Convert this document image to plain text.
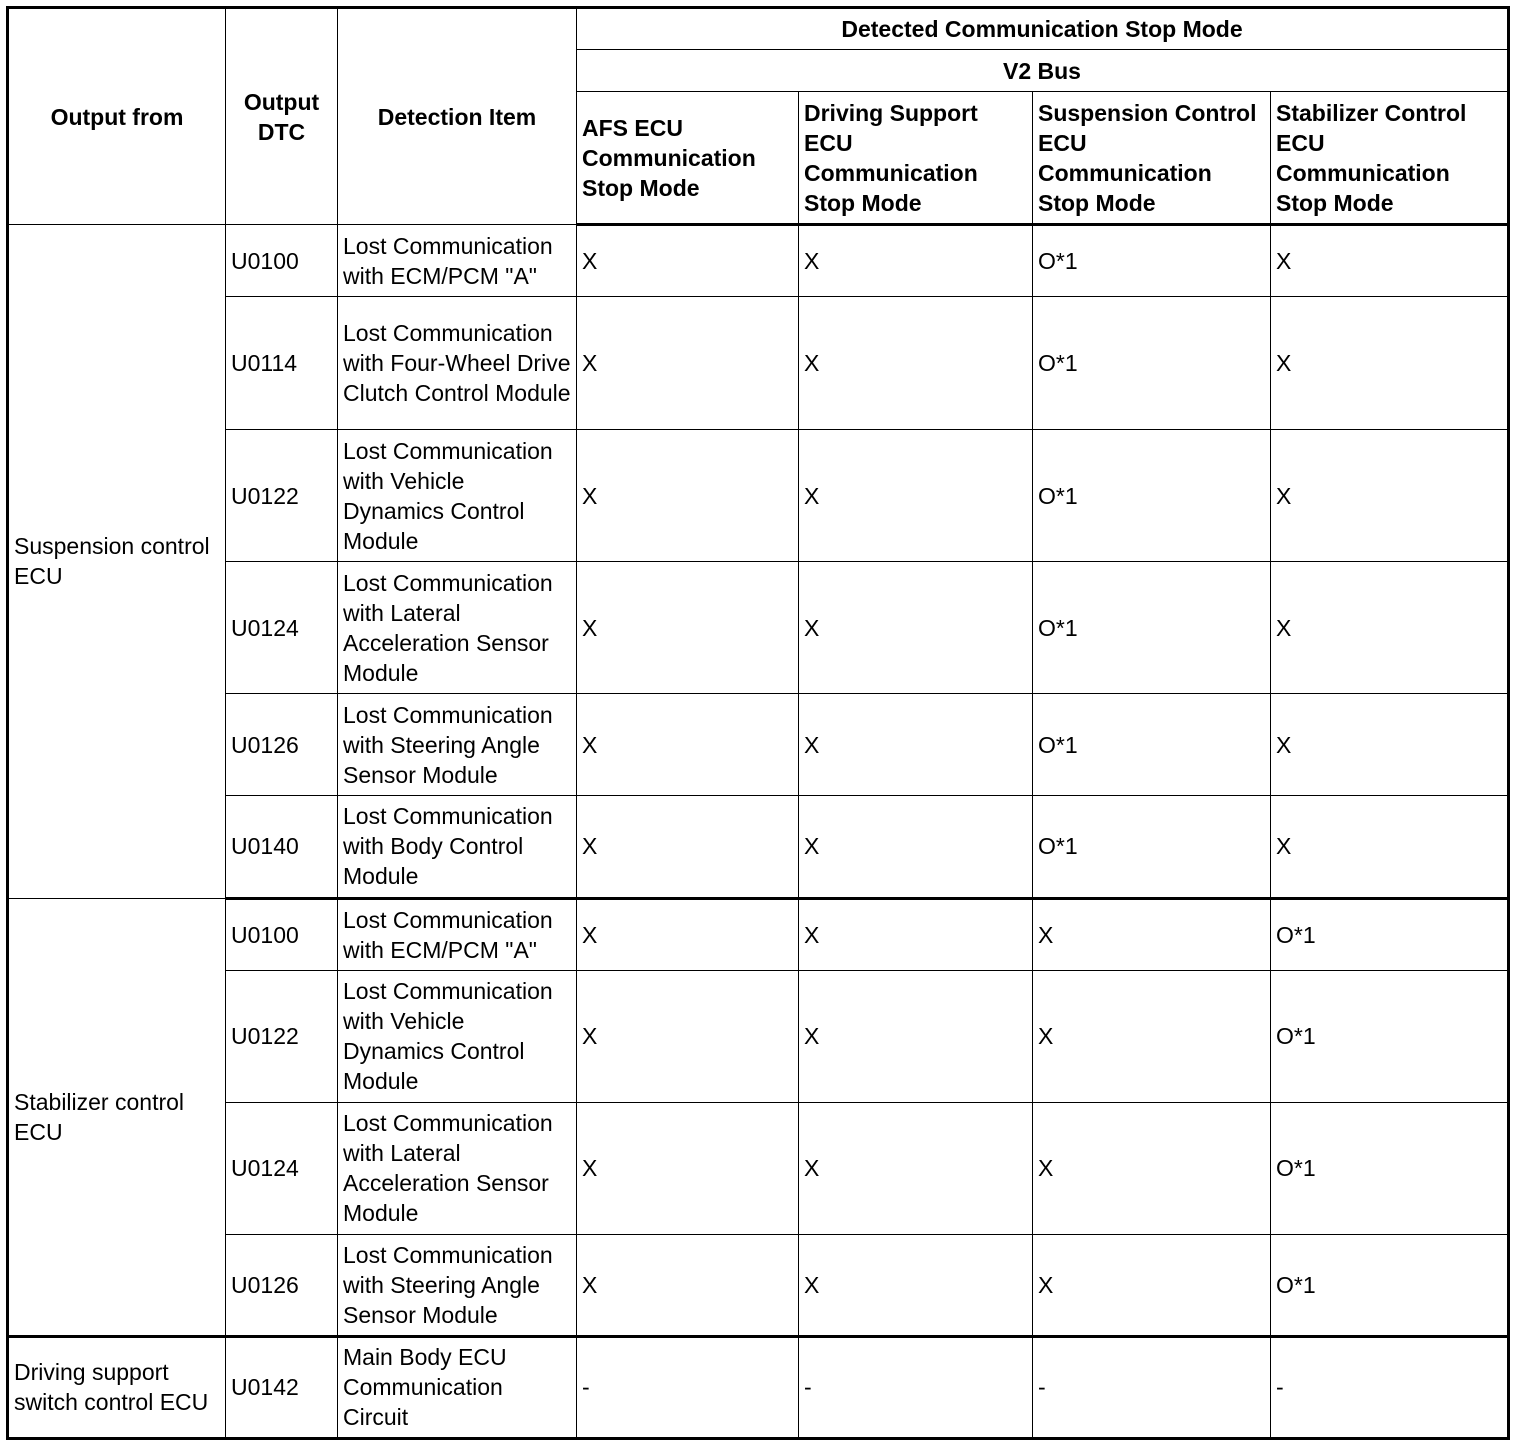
Output from	Output DTC	Detection Item	Detected Communication Stop Mode			
			V2 Bus			
			AFS ECU Communication Stop Mode	Driving Support ECU Communication Stop Mode	Suspension Control ECU Communication Stop Mode	Stabilizer Control ECU Communication Stop Mode
Suspension control ECU	U0100	Lost Communication with ECM/PCM "A"	X	X	O*1	X
	U0114	Lost Communication with Four-Wheel Drive Clutch Control Module	X	X	O*1	X
	U0122	Lost Communication with Vehicle Dynamics Control Module	X	X	O*1	X
	U0124	Lost Communication with Lateral Acceleration Sensor Module	X	X	O*1	X
	U0126	Lost Communication with Steering Angle Sensor Module	X	X	O*1	X
	U0140	Lost Communication with Body Control Module	X	X	O*1	X
Stabilizer control ECU	U0100	Lost Communication with ECM/PCM "A"	X	X	X	O*1
	U0122	Lost Communication with Vehicle Dynamics Control Module	X	X	X	O*1
	U0124	Lost Communication with Lateral Acceleration Sensor Module	X	X	X	O*1
	U0126	Lost Communication with Steering Angle Sensor Module	X	X	X	O*1
Driving support switch control ECU	U0142	Main Body ECU Communication Circuit	-	-	-	-
